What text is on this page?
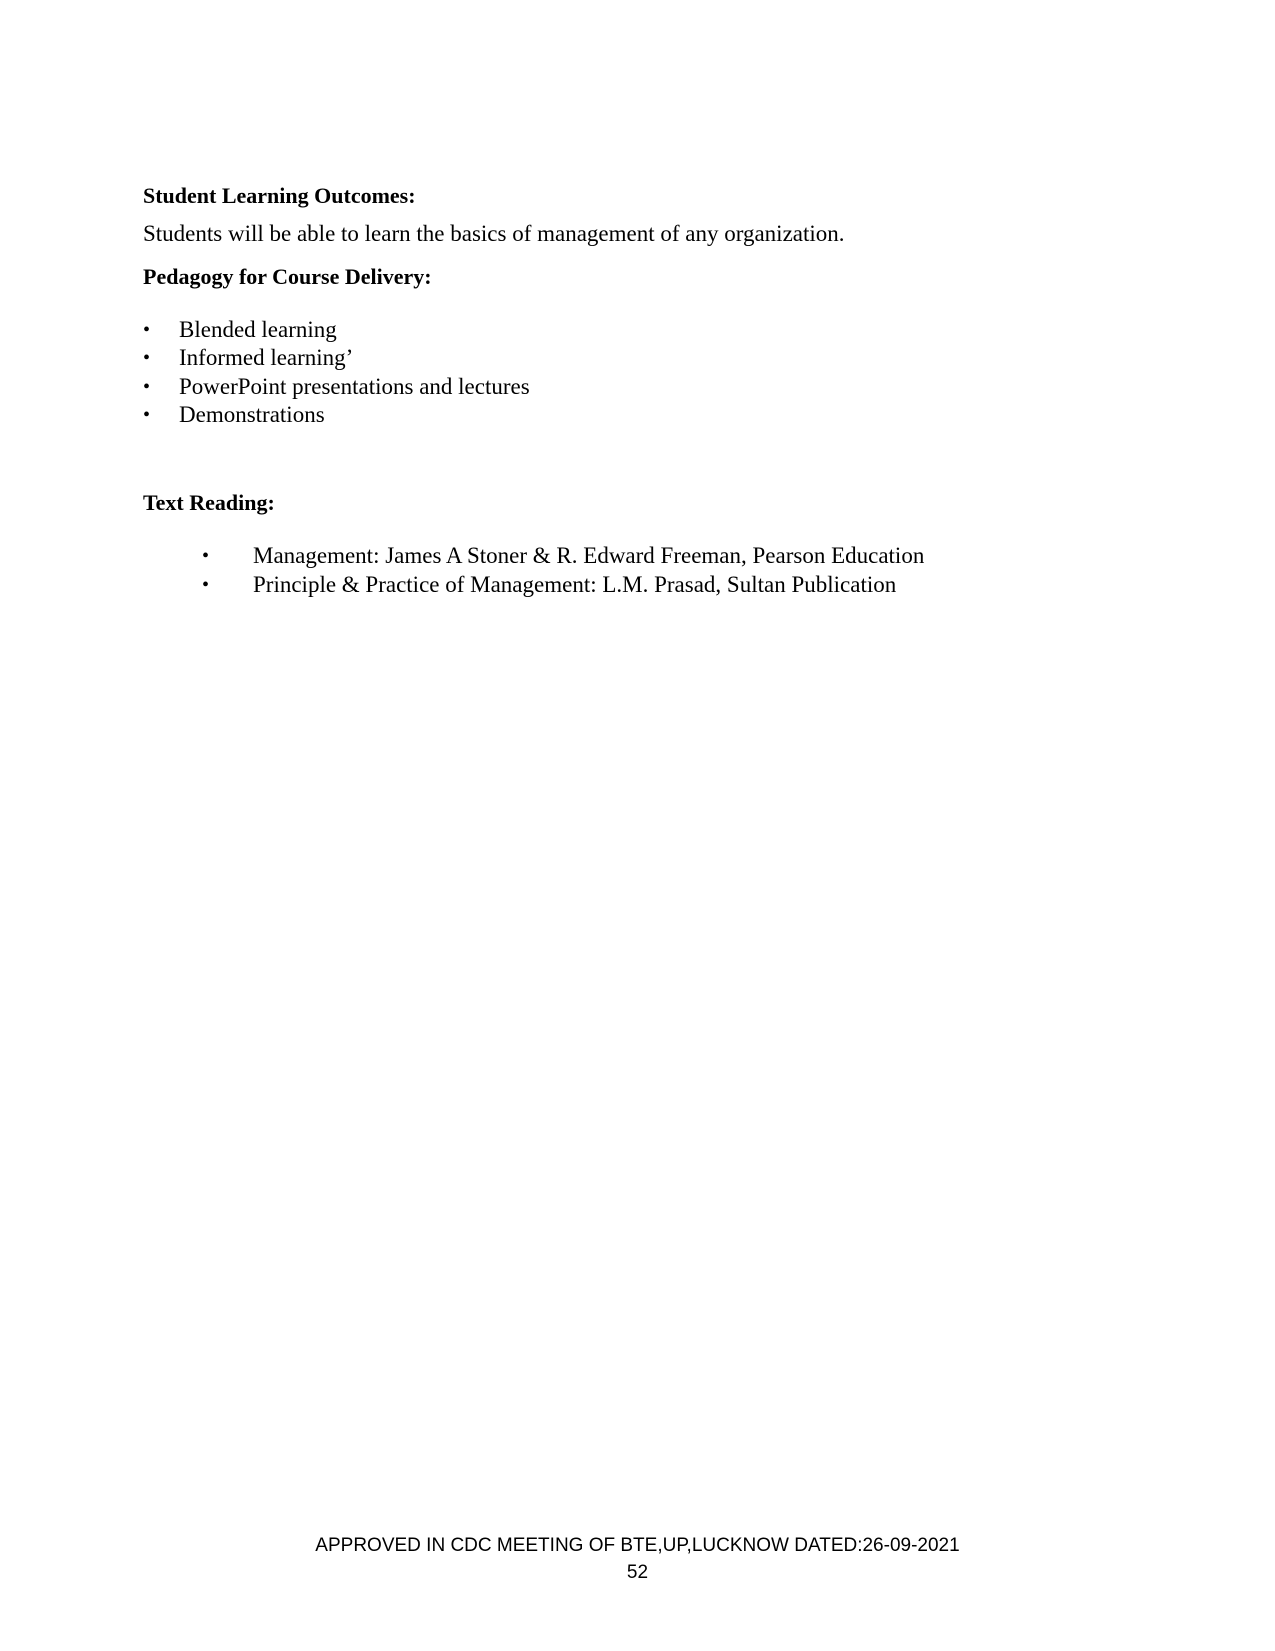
Student Learning Outcomes:

Students will be able to learn the basics of management of any organization.

Pedagogy for Course Delivery:
• Blended learning
• Informed learning’
• PowerPoint presentations and lectures
• Demonstrations
Text Reading:
• Management: James A Stoner & R. Edward Freeman, Pearson Education
• Principle & Practice of Management: L.M. Prasad, Sultan Publication

APPROVED IN CDC MEETING OF BTE,UP,LUCKNOW DATED:26-09-2021

52
